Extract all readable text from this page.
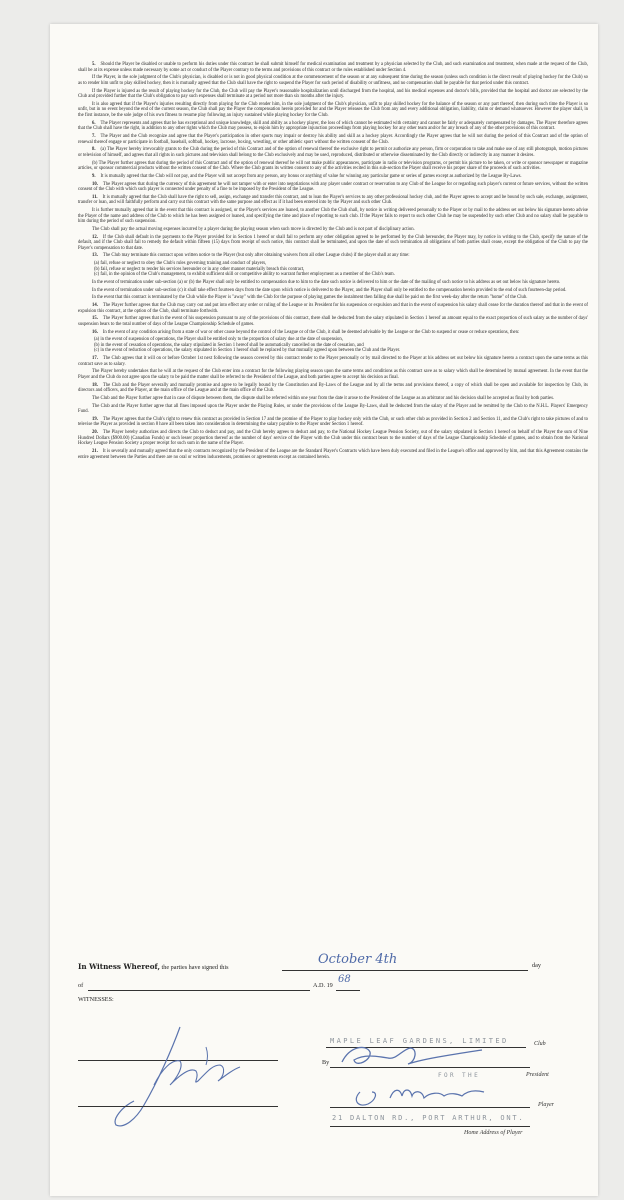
5. Should the Player be disabled or unable to perform his duties under this contract he shall submit himself for medical examination and treatment by a physician selected by the Club, and such examination and treatment, when made at the request of the Club, shall be at its expense unless made necessary by some act or conduct of the Player contrary to the terms and provisions of this contract or the rules established under Section 4.

If the Player, in the sole judgment of the Club's physician, is disabled or is not in good physical condition at the commencement of the season or at any subsequent time during the season (unless such condition is the direct result of playing hockey for the Club) so as to render him unfit to play skilled hockey, then it is mutually agreed that the Club shall have the right to suspend the Player for such period of disability or unfitness, and no compensation shall be payable for that period under this contract.

If the Player is injured as the result of playing hockey for the Club, the Club will pay the Player's reasonable hospitalization until discharged from the hospital, and his medical expenses and doctor's bills, provided that the hospital and doctor are selected by the Club and provided further that the Club's obligation to pay such expenses shall terminate at a period not more than six months after the injury.

It is also agreed that if the Player's injuries resulting directly from playing for the Club render him, in the sole judgment of the Club's physician, unfit to play skilled hockey for the balance of the season or any part thereof, then during such time the Player is so unfit, but in no event beyond the end of the current season, the Club shall pay the Player the compensation herein provided for and the Player releases the Club from any and every additional obligation, liability, claim or demand whatsoever. However the player shall, in the first instance, be the sole judge of his own fitness to resume play following an injury sustained while playing hockey for the Club.

6. The Player represents and agrees that he has exceptional and unique knowledge, skill and ability as a hockey player, the loss of which cannot be estimated with certainty and cannot be fairly or adequately compensated by damages. The Player therefore agrees that the Club shall have the right, in addition to any other rights which the Club may possess, to enjoin him by appropriate injunction proceedings from playing hockey for any other team and/or for any breach of any of the other provisions of this contract.

7. The Player and the Club recognize and agree that the Player's participation in other sports may impair or destroy his ability and skill as a hockey player. Accordingly the Player agrees that he will not during the period of this Contract and of the option of renewal thereof engage or participate in football, baseball, softball, hockey, lacrosse, boxing, wrestling, or other athletic sport without the written consent of the Club.

8. (a) The Player hereby irrevocably grants to the Club during the period of this Contract and of the option of renewal thereof the exclusive right to permit or authorize any person, firm or corporation to take and make use of any still photograph, motion pictures or television of himself, and agrees that all rights in such pictures and television shall belong to the Club exclusively and may be used, reproduced, distributed or otherwise disseminated by the Club directly or indirectly in any manner it desires.

(b) The Player further agrees that during the period of this Contract and of the option of renewal thereof he will not make public appearances, participate in radio or television programs, or permit his picture to be taken, or write or sponsor newspaper or magazine articles, or sponsor commercial products without the written consent of the Club. Where the Club grants its written consent to any of the activities recited in this sub-section the Player shall receive his proper share of the proceeds of such activities.

9. It is mutually agreed that the Club will not pay, and the Player will not accept from any person, any bonus or anything of value for winning any particular game or series of games except as authorized by the League By-Laws.

10. The Player agrees that during the currency of this agreement he will not tamper with or enter into negotiations with any player under contract or reservation to any Club of the League for or regarding such player's current or future services, without the written consent of the Club with which such player is connected under penalty of a fine to be imposed by the President of the League.

11. It is mutually agreed that the Club shall have the right to sell, assign, exchange and transfer this contract, and to loan the Player's services to any other professional hockey club, and the Player agrees to accept and be bound by such sale, exchange, assignment, transfer or loan, and will faithfully perform and carry out this contract with the same purpose and effect as if it had been entered into by the Player and such other Club.

It is further mutually agreed that in the event that this contract is assigned, or the Player's services are loaned, to another Club the Club shall, by notice in writing delivered personally to the Player or by mail to the address set out below his signature hereto advise the Player of the name and address of the Club to which he has been assigned or loaned, and specifying the time and place of reporting to such club. If the Player fails to report to such other Club he may be suspended by such other Club and no salary shall be payable to him during the period of such suspension.

The Club shall pay the actual moving expenses incurred by a player during the playing season when such move is directed by the Club and is not part of disciplinary action.

12. If the Club shall default in the payments to the Player provided for in Section 1 hereof or shall fail to perform any other obligation agreed to be performed by the Club hereunder, the Player may, by notice in writing to the Club, specify the nature of the default, and if the Club shall fail to remedy the default within fifteen (15) days from receipt of such notice, this contract shall be terminated, and upon the date of such termination all obligations of both parties shall cease, except the obligation of the Club to pay the Player's compensation to that date.

13. The Club may terminate this contract upon written notice to the Player (but only after obtaining waivers from all other League clubs) if the player shall at any time:

(a) fail, refuse or neglect to obey the Club's rules governing training and conduct of players,
(b) fail, refuse or neglect to render his services hereunder or in any other manner materially breach this contract,
(c) fail, in the opinion of the Club's management, to exhibit sufficient skill or competitive ability to warrant further employment as a member of the Club's team.

In the event of termination under sub-section (a) or (b) the Player shall only be entitled to compensation due to him to the date such notice is delivered to him or the date of the mailing of such notice to his address as set out below his signature hereto.

In the event of termination under sub-section (c) it shall take effect fourteen days from the date upon which notice is delivered to the Player, and the Player shall only be entitled to the compensation herein provided to the end of such fourteen-day period.

In the event that this contract is terminated by the Club while the Player is "away" with the Club for the purpose of playing games the instalment then falling due shall be paid on the first week-day after the return "home" of the Club.

14. The Player further agrees that the Club may carry out and put into effect any order or ruling of the League or its President for his suspension or expulsion and that in the event of suspension his salary shall cease for the duration thereof and that in the event of expulsion this contract, at the option of the Club, shall terminate forthwith.

15. The Player further agrees that in the event of his suspension pursuant to any of the provisions of this contract, there shall be deducted from the salary stipulated in Section 1 hereof an amount equal to the exact proportion of such salary as the number of days' suspension bears to the total number of days of the League Championship Schedule of games.

16. In the event of any condition arising from a state of war or other cause beyond the control of the League or of the Club, it shall be deemed advisable by the League or the Club to suspend or cease or reduce operations, then:

(a) in the event of suspension of operations, the Player shall be entitled only to the proportion of salary due at the date of suspension,
(b) in the event of cessation of operations, the salary stipulated in Section 1 hereof shall be automatically cancelled on the date of cessation, and
(c) in the event of reduction of operations, the salary stipulated in Section 1 hereof shall be replaced by that mutually agreed upon between the Club and the Player.

17. The Club agrees that it will on or before October 1st next following the season covered by this contract tender to the Player personally or by mail directed to the Player at his address set out below his signature hereto a contract upon the same terms as this contract save as to salary.

The Player hereby undertakes that he will at the request of the Club enter into a contract for the following playing season upon the same terms and conditions as this contract save as to salary which shall be determined by mutual agreement. In the event that the Player and the Club do not agree upon the salary to be paid the matter shall be referred to the President of the League, and both parties agree to accept his decision as final.

18. The Club and the Player severally and mutually promise and agree to be legally bound by the Constitution and By-Laws of the League and by all the terms and provisions thereof, a copy of which shall be open and available for inspection by Club, its directors and officers, and the Player, at the main office of the League and at the main office of the Club.

The Club and the Player further agree that in case of dispute between them, the dispute shall be referred within one year from the date it arose to the President of the League as an arbitrator and his decision shall be accepted as final by both parties.

The Club and the Player further agree that all fines imposed upon the Player under the Playing Rules, or under the provisions of the League By-Laws, shall be deducted from the salary of the Player and be remitted by the Club to the N.H.L. Players' Emergency Fund.

19. The Player agrees that the Club's right to renew this contract as provided in Section 17 and the promise of the Player to play hockey only with the Club, or such other club as provided in Section 2 and Section 11, and the Club's right to take pictures of and to televise the Player as provided in section 8 have all been taken into consideration in determining the salary payable to the Player under Section 1 hereof.

20. The Player hereby authorizes and directs the Club to deduct and pay, and the Club hereby agrees to deduct and pay, to the National Hockey League Pension Society, out of the salary stipulated in Section 1 hereof on behalf of the Player the sum of Nine Hundred Dollars ($900.00) (Canadian Funds) or such lesser proportion thereof as the number of days' service of the Player with the Club under this contract bears to the number of days of the League Championship Schedule of games, and to obtain from the National Hockey League Pension Society a proper receipt for such sum in the name of the Player.

21. It is severally and mutually agreed that the only contracts recognized by the President of the League are the Standard Player's Contracts which have been duly executed and filed in the League's office and approved by him, and that this Agreement contains the entire agreement between the Parties and there are no oral or written inducements, promises or agreements except as contained herein.

In Witness Whereof, the parties have signed this
October 4th	day
of	A.D. 19
68
WITNESSES:
MAPLE LEAF GARDENS, LIMITED	Club
By
FOR THE	President
Player
21 DALTON RD., PORT ARTHUR, ONT.
Home Address of Player
